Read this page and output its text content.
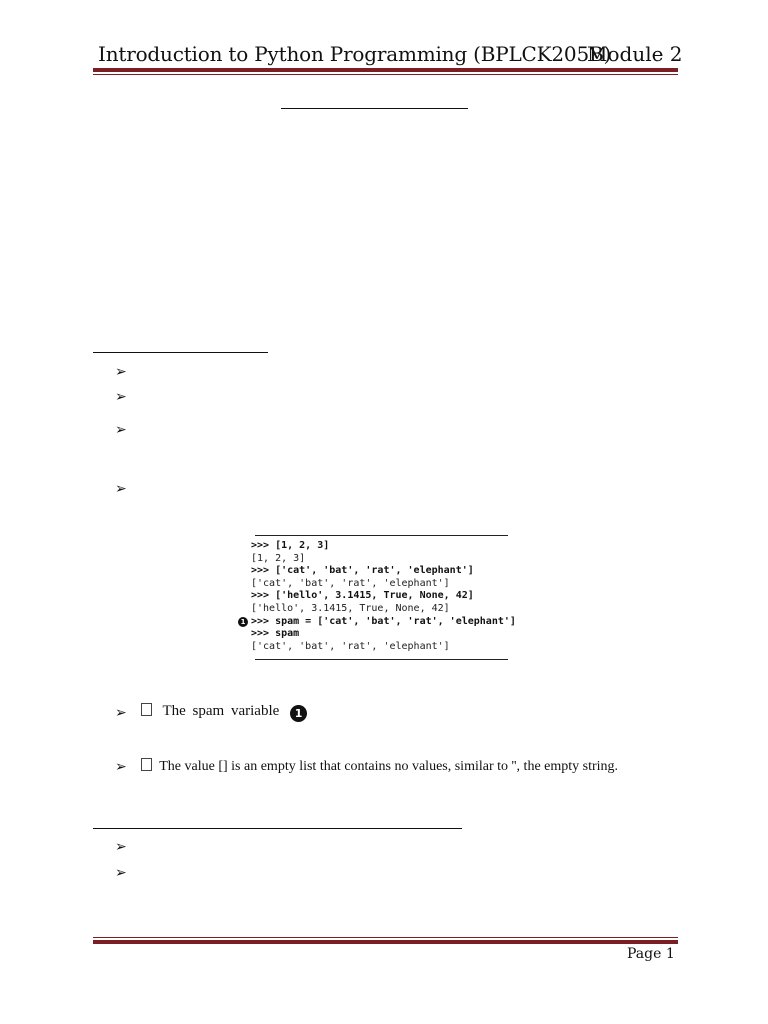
Introduction to Python Programming (BPLCK205B)
Module 2
➢
➢
➢
➢
>>> [1, 2, 3]
[1, 2, 3]
>>> ['cat', 'bat', 'rat', 'elephant']
['cat', 'bat', 'rat', 'elephant']
>>> ['hello', 3.1415, True, None, 42]
['hello', 3.1415, True, None, 42]
>>> spam = ['cat', 'bat', 'rat', 'elephant']
>>> spam
['cat', 'bat', 'rat', 'elephant']
1
➢	The spam variable 1
➢	The value [] is an empty list that contains no values, similar to '', the empty string.
➢
➢
Page 1
